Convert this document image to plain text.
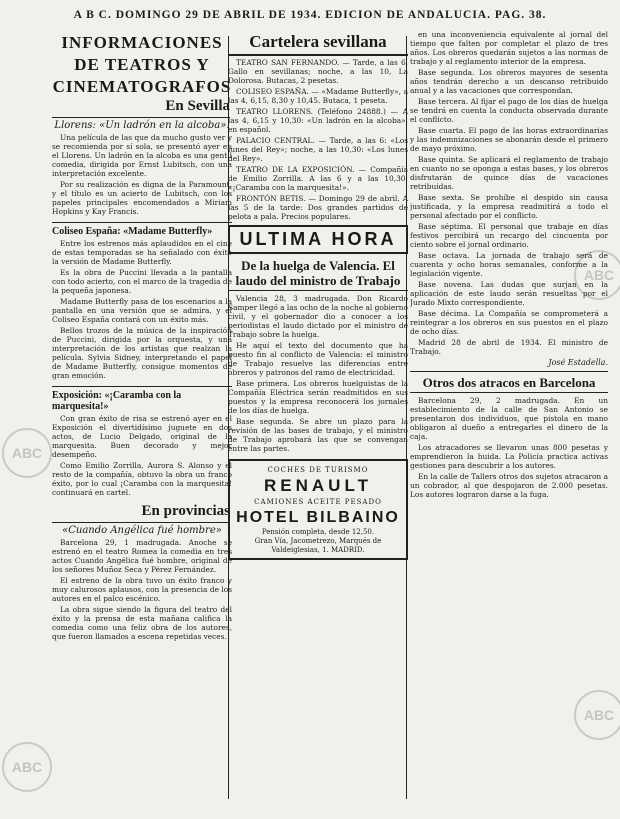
A B C. DOMINGO 29 DE ABRIL DE 1934. EDICION DE ANDALUCIA. PAG. 38.
ABC
ABC
ABC
ABC
INFORMACIONES DE TEATROS Y CINEMATOGRAFOS
En Sevilla
Llorens: «Un ladrón en la alcoba».

Una película de las que da mucho gusto ver y se recomienda por sí sola, se presentó ayer en el Llorens. Un ladrón en la alcoba es una gentil comedia, dirigida por Ernst Lubitsch, con una interpretación excelente.

Por su realización es digna de la Paramount, y el título es un acierto de Lubitsch, con los papeles principales encomendados a Miriam Hopkins y Kay Francis.

Coliseo España: «Madame Butterfly»

Entre los estrenos más aplaudidos en el cine de estas temporadas se ha señalado con éxito la versión de Madame Butterfly.

Es la obra de Puccini llevada a la pantalla con todo acierto, con el marco de la tragedia de la pequeña japonesa.

Madame Butterfly pasa de los escenarios a la pantalla en una versión que se admira, y el Coliseo España contará con un éxito más.

Bellos trozos de la música de la inspiración de Puccini, dirigida por la orquesta, y una interpretación de los artistas que realzan la película. Sylvia Sidney, interpretando el papel de Madame Butterfly, consigue momentos de gran emoción.

Exposición: «¡Caramba con la marquesita!»

Con gran éxito de risa se estrenó ayer en el Exposición el divertidísimo juguete en dos actos, de Lucio Delgado, original de la marquesita. Buen decorado y mejor desempeño.

Como Emilio Zorrilla, Aurora S. Alonso y el resto de la compañía, obtuvo la obra un franco éxito, por lo cual ¡Caramba con la marquesita! continuará en cartel.

En provincias
«Cuando Angélica fué hombre»

Barcelona 29, 1 madrugada. Anoche se estrenó en el teatro Romea la comedia en tres actos Cuando Angélica fué hombre, original de los señores Muñoz Seca y Pérez Fernández.

El estreno de la obra tuvo un éxito franco y muy calurosos aplausos, con la presencia de los autores en el palco escénico.

La obra sigue siendo la figura del teatro del éxito y la prensa de esta mañana califica la comedia como una feliz obra de los autores, que fueron llamados a escena repetidas veces.

Cartelera sevillana

TEATRO SAN FERNANDO. — Tarde, a las 6, Gallo en sevillanas; noche, a las 10, La Dolorosa. Butacas, 2 pesetas.

COLISEO ESPAÑA. — «Madame Butterfly», a las 4, 6,15, 8,30 y 10,45. Butaca, 1 peseta.

TEATRO LLORENS. (Teléfono 24888.) — A las 4, 6,15 y 10,30: «Un ladrón en la alcoba», en español.

PALACIO CENTRAL. — Tarde, a las 6: «Los lunes del Rey»; noche, a las 10,30: «Los lunes del Rey».

TEATRO DE LA EXPOSICIÓN. — Compañía de Emilio Zorrilla. A las 6 y a las 10,30: «¡Caramba con la marquesita!».

FRONTÓN BETIS. — Domingo 29 de abril. A las 5 de la tarde: Dos grandes partidos de pelota a pala. Precios populares.

ULTIMA HORA
De la huelga de Valencia. El laudo del ministro de Trabajo

Valencia 28, 3 madrugada. Don Ricardo Samper llegó a las ocho de la noche al gobierno civil, y el gobernador dio a conocer a los periodistas el laudo dictado por el ministro de Trabajo sobre la huelga.

He aquí el texto del documento que ha puesto fin al conflicto de Valencia: el ministro de Trabajo resuelve las diferencias entre obreros y patronos del ramo de electricidad.

Base primera. Los obreros huelguistas de la Compañía Eléctrica serán readmitidos en sus puestos y la empresa reconocerá los jornales de los días de huelga.

Base segunda. Se abre un plazo para la revisión de las bases de trabajo, y el ministro de Trabajo aprobará las que se convengan entre las partes.

COCHES DE TURISMO
RENAULT
CAMIONES ACEITE PESADO
HOTEL BILBAINO
Pensión completa, desde 12,50.
Gran Vía, Jacometrezo, Marqués de Valdeiglesias, 1. MADRID.

en una inconveniencia equivalente al jornal del tiempo que falten por completar el plazo de tres años. Los obreros quedarán sujetos a las normas de trabajo y al reglamento interior de la empresa.

Base segunda. Los obreros mayores de sesenta años tendrán derecho a un descanso retribuido anual y a las vacaciones que correspondan.

Base tercera. Al fijar el pago de los días de huelga se tendrá en cuenta la conducta observada durante el conflicto.

Base cuarta. El pago de las horas extraordinarias y las indemnizaciones se abonarán desde el primero de mayo próximo.

Base quinta. Se aplicará el reglamento de trabajo en cuanto no se oponga a estas bases, y los obreros disfrutarán de quince días de vacaciones retribuidas.

Base sexta. Se prohíbe el despido sin causa justificada, y la empresa readmitirá a todo el personal afectado por el conflicto.

Base séptima. El personal que trabaje en días festivos percibirá un recargo del cincuenta por ciento sobre el jornal ordinario.

Base octava. La jornada de trabajo será de cuarenta y ocho horas semanales, conforme a la legislación vigente.

Base novena. Las dudas que surjan en la aplicación de este laudo serán resueltas por el Jurado Mixto correspondiente.

Base décima. La Compañía se comprometerá a reintegrar a los obreros en sus puestos en el plazo de ocho días.

Madrid 28 de abril de 1934. El ministro de Trabajo.

José Estadella.
Otros dos atracos en Barcelona

Barcelona 29, 2 madrugada. En un establecimiento de la calle de San Antonio se presentaron dos individuos, que pistola en mano obligaron al dueño a entregarles el dinero de la caja.

Los atracadores se llevaron unas 800 pesetas y emprendieron la huida. La Policía practica activas gestiones para descubrir a los autores.

En la calle de Tallers otros dos sujetos atracaron a un cobrador, al que despojaron de 2.000 pesetas. Los autores lograron darse a la fuga.
